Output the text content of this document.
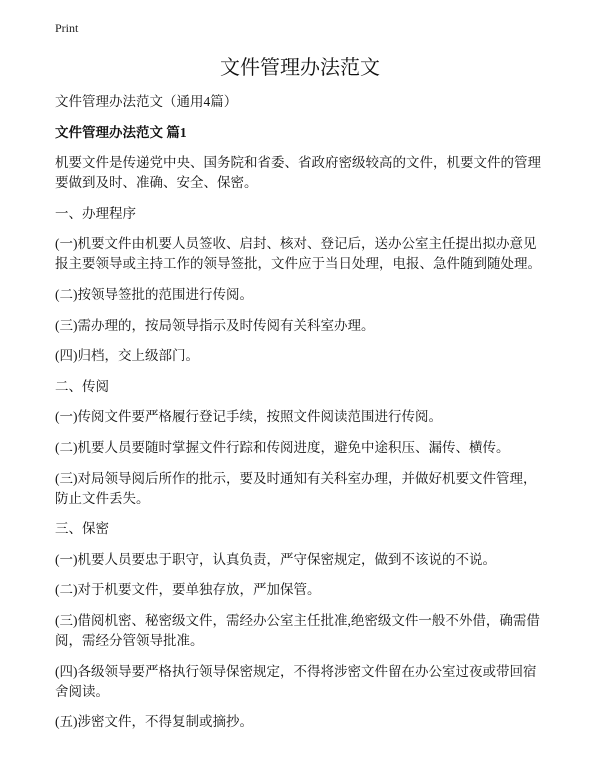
Print
文件管理办法范文

文件管理办法范文（通用4篇）

文件管理办法范文 篇1

机要文件是传递党中央、国务院和省委、省政府密级较高的文件，机要文件的管理要做到及时、准确、安全、保密。

一、办理程序

(一)机要文件由机要人员签收、启封、核对、登记后，送办公室主任提出拟办意见报主要领导或主持工作的领导签批，文件应于当日处理，电报、急件随到随处理。

(二)按领导签批的范围进行传阅。

(三)需办理的，按局领导指示及时传阅有关科室办理。

(四)归档，交上级部门。

二、传阅

(一)传阅文件要严格履行登记手续，按照文件阅读范围进行传阅。

(二)机要人员要随时掌握文件行踪和传阅进度，避免中途积压、漏传、横传。

(三)对局领导阅后所作的批示，要及时通知有关科室办理，并做好机要文件管理，防止文件丢失。

三、保密

(一)机要人员要忠于职守，认真负责，严守保密规定，做到不该说的不说。

(二)对于机要文件，要单独存放，严加保管。

(三)借阅机密、秘密级文件，需经办公室主任批准,绝密级文件一般不外借，确需借阅，需经分管领导批准。

(四)各级领导要严格执行领导保密规定，不得将涉密文件留在办公室过夜或带回宿舍阅读。

(五)涉密文件，不得复制或摘抄。
